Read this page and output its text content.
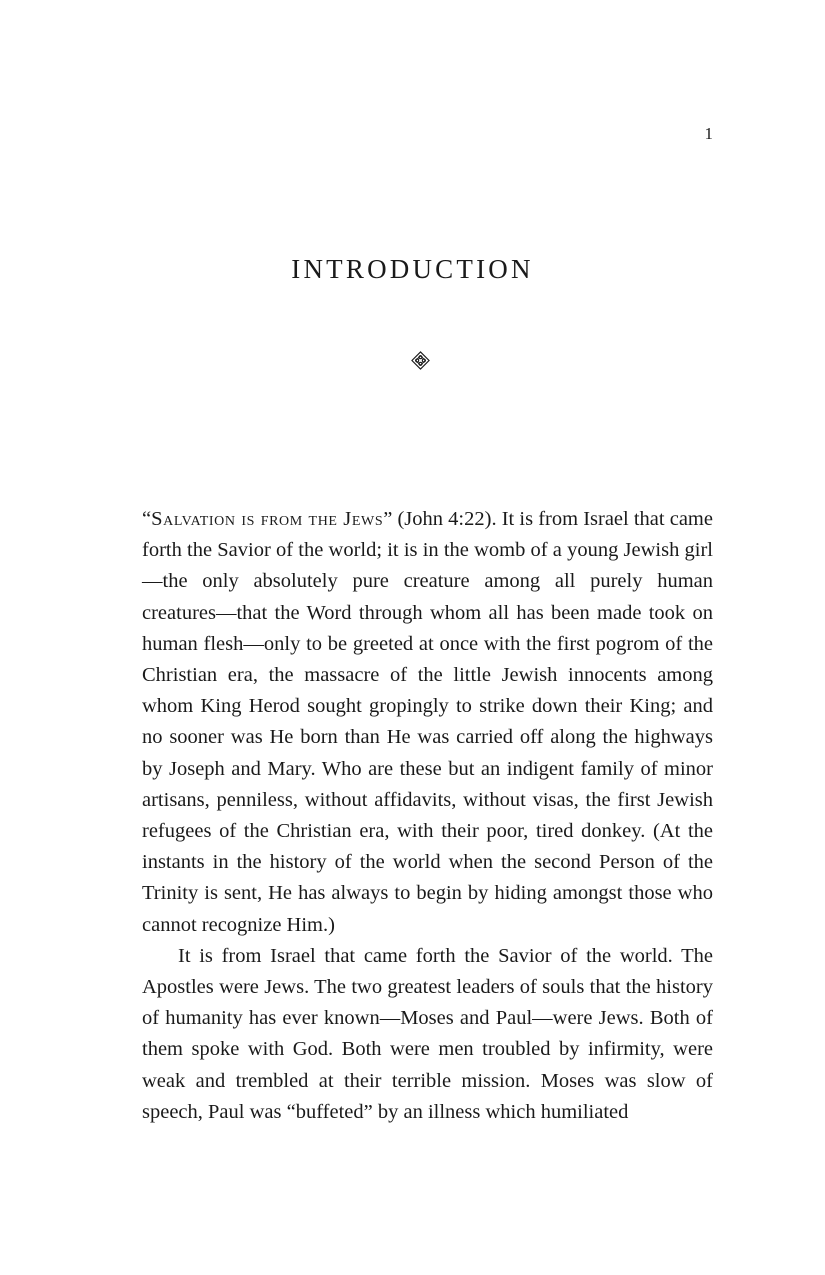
1
INTRODUCTION

“Salvation is from the Jews” (John 4:22). It is from Israel that came forth the Savior of the world; it is in the womb of a young Jewish girl—the only absolutely pure creature among all purely human creatures—that the Word through whom all has been made took on human flesh—only to be greeted at once with the first pogrom of the Christian era, the massacre of the little Jewish innocents among whom King Herod sought gropingly to strike down their King; and no sooner was He born than He was carried off along the highways by Joseph and Mary. Who are these but an indigent family of minor artisans, penniless, without affidavits, without visas, the first Jewish refugees of the Christian era, with their poor, tired donkey. (At the instants in the history of the world when the second Person of the Trinity is sent, He has always to begin by hiding amongst those who cannot recognize Him.)

It is from Israel that came forth the Savior of the world. The Apostles were Jews. The two greatest leaders of souls that the history of humanity has ever known—Moses and Paul—were Jews. Both of them spoke with God. Both were men troubled by infirmity, were weak and trembled at their terrible mission. Moses was slow of speech, Paul was “buffeted” by an illness which humiliated
